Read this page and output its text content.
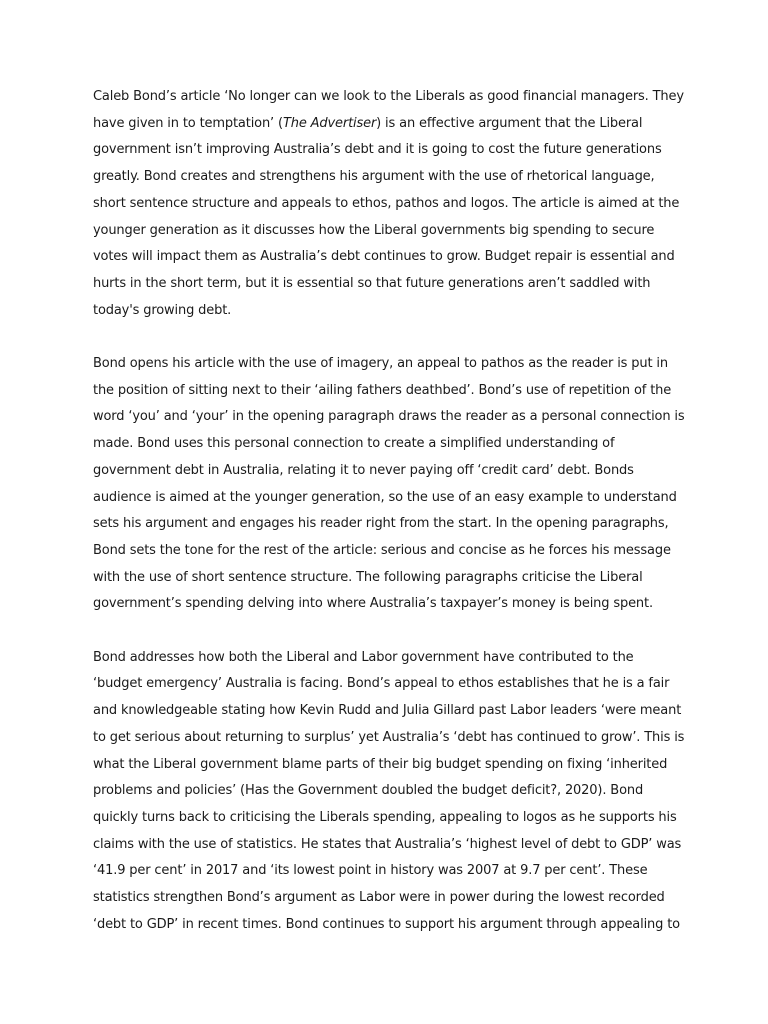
Caleb Bond’s article ‘No longer can we look to the Liberals as good financial managers. They
have given in to temptation’ (The Advertiser) is an effective argument that the Liberal
government isn’t improving Australia’s debt and it is going to cost the future generations
greatly. Bond creates and strengthens his argument with the use of rhetorical language,
short sentence structure and appeals to ethos, pathos and logos. The article is aimed at the
younger generation as it discusses how the Liberal governments big spending to secure
votes will impact them as Australia’s debt continues to grow. Budget repair is essential and
hurts in the short term, but it is essential so that future generations aren’t saddled with
today's growing debt.
Bond opens his article with the use of imagery, an appeal to pathos as the reader is put in
the position of sitting next to their ‘ailing fathers deathbed’. Bond’s use of repetition of the
word ‘you’ and ‘your’ in the opening paragraph draws the reader as a personal connection is
made. Bond uses this personal connection to create a simplified understanding of
government debt in Australia, relating it to never paying off ‘credit card’ debt. Bonds
audience is aimed at the younger generation, so the use of an easy example to understand
sets his argument and engages his reader right from the start. In the opening paragraphs,
Bond sets the tone for the rest of the article: serious and concise as he forces his message
with the use of short sentence structure. The following paragraphs criticise the Liberal
government’s spending delving into where Australia’s taxpayer’s money is being spent.
Bond addresses how both the Liberal and Labor government have contributed to the
‘budget emergency’ Australia is facing. Bond’s appeal to ethos establishes that he is a fair
and knowledgeable stating how Kevin Rudd and Julia Gillard past Labor leaders ‘were meant
to get serious about returning to surplus’ yet Australia’s ‘debt has continued to grow’. This is
what the Liberal government blame parts of their big budget spending on fixing ‘inherited
problems and policies’ (Has the Government doubled the budget deficit?, 2020). Bond
quickly turns back to criticising the Liberals spending, appealing to logos as he supports his
claims with the use of statistics. He states that Australia’s ‘highest level of debt to GDP’ was
‘41.9 per cent’ in 2017 and ‘its lowest point in history was 2007 at 9.7 per cent’. These
statistics strengthen Bond’s argument as Labor were in power during the lowest recorded
‘debt to GDP’ in recent times. Bond continues to support his argument through appealing to
